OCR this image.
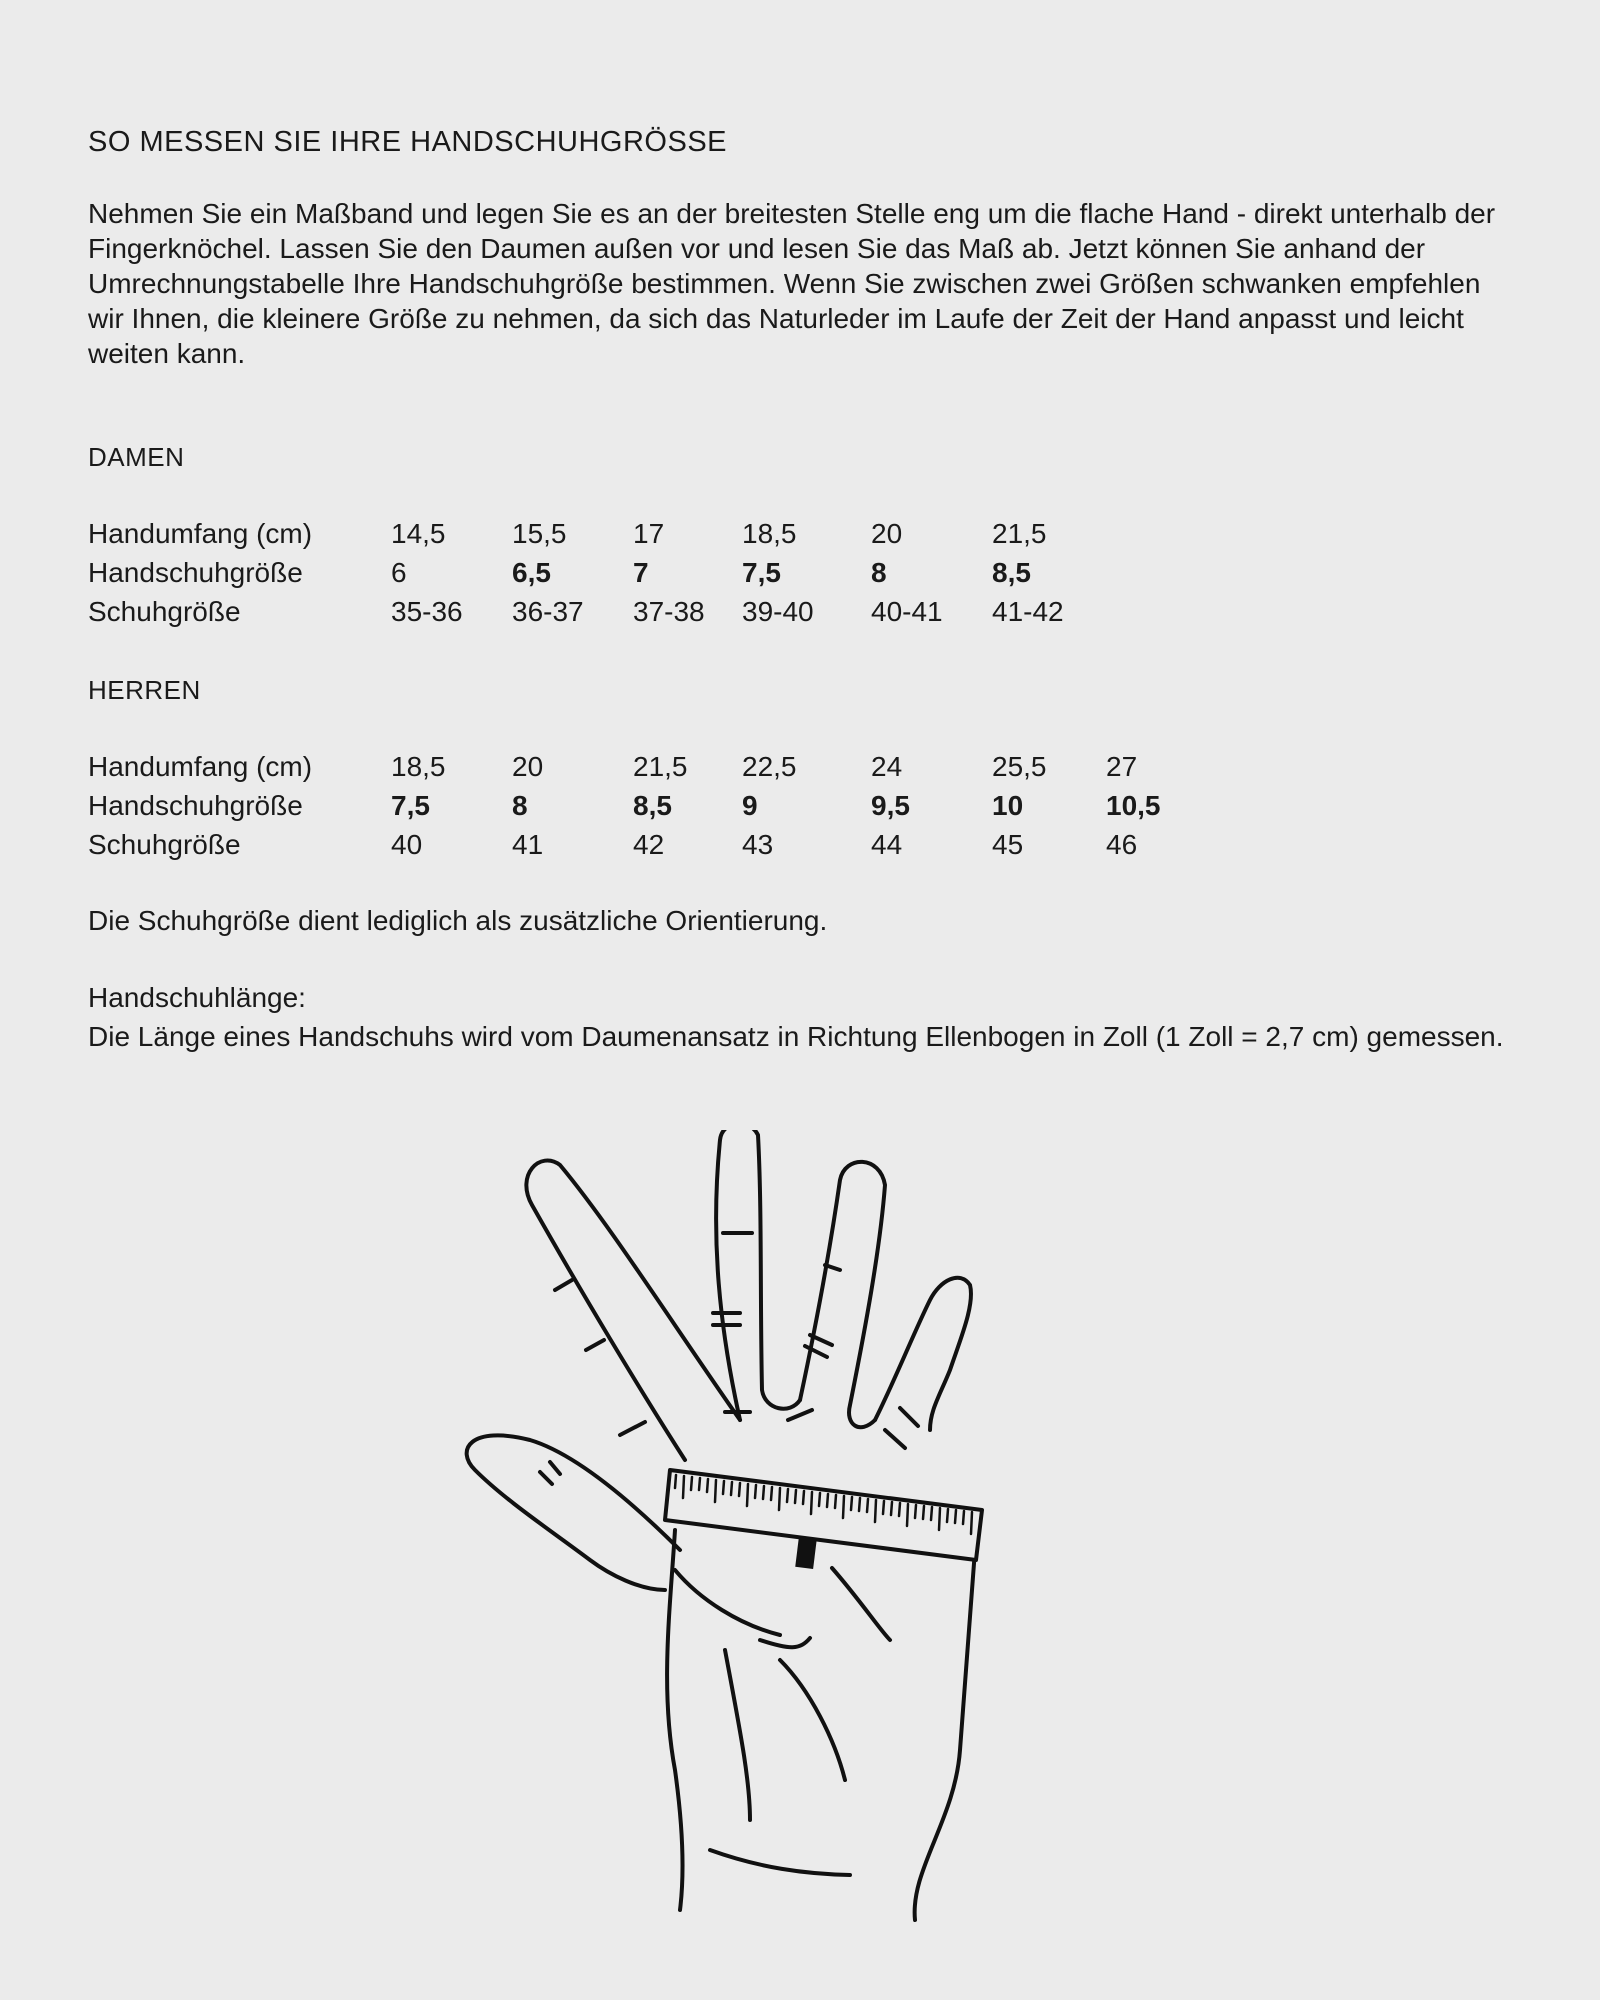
SO MESSEN SIE IHRE HANDSCHUHGRÖSSE

Nehmen Sie ein Maßband und legen Sie es an der breitesten Stelle eng um die flache Hand - direkt unterhalb der Fingerknöchel. Lassen Sie den Daumen außen vor und lesen Sie das Maß ab. Jetzt können Sie anhand der Umrechnungstabelle Ihre Handschuhgröße bestimmen. Wenn Sie zwischen zwei Größen schwanken empfehlen wir Ihnen, die kleinere Größe zu nehmen, da sich das Naturleder im Laufe der Zeit der Hand anpasst und leicht weiten kann.

DAMEN
Handumfang (cm)	14,5	15,5	17	18,5	20	21,5
Handschuhgröße	6	6,5	7	7,5	8	8,5
Schuhgröße	35-36	36-37	37-38	39-40	40-41	41-42
HERREN
Handumfang (cm)	18,5	20	21,5	22,5	24	25,5	27
Handschuhgröße	7,5	8	8,5	9	9,5	10	10,5
Schuhgröße	40	41	42	43	44	45	46

Die Schuhgröße dient lediglich als zusätzliche Orientierung.

Handschuhlänge:

Die Länge eines Handschuhs wird vom Daumenansatz in Richtung Ellenbogen in Zoll (1 Zoll = 2,7 cm) gemessen.
